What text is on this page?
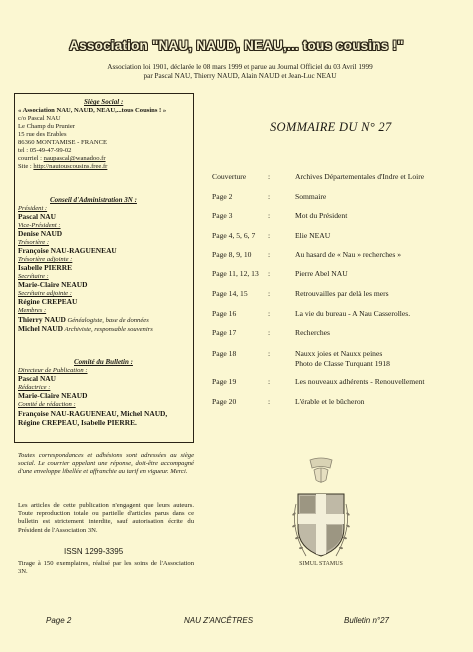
Association "NAU, NAUD, NEAU,... tous cousins !"
Association loi 1901, déclarée le 08 mars 1999 et parue au Journal Officiel du 03 Avril 1999
par Pascal NAU, Thierry NAUD, Alain NAUD et Jean-Luc NEAU
Siège Social :
« Association NAU, NAUD, NEAU,...tous Cousins ! »
c/o Pascal NAU
Le Champ du Prunier
15 rue des Erables
86360 MONTAMISE - FRANCE
tel : 05-49-47-99-02
courriel : naupascal@wanadoo.fr
Site : http://nautouscousins.free.fr
Conseil d'Administration 3N :
Président :
Pascal NAU
Vice-Président :
Denise NAUD
Trésorière :
Françoise NAU-RAGUENEAU
Trésorière adjointe :
Isabelle PIERRE
Secrétaire :
Marie-Claire NEAUD
Secrétaire adjointe :
Régine CREPEAU
Membres :
Thierry NAUD Généalogiste, base de données
Michel NAUD Archiviste, responsable souvenirs
Comité du Bulletin :
Directeur de Publication :
Pascal NAU
Rédactrice :
Marie-Claire NEAUD
Comité de rédaction :
Françoise NAU-RAGUENEAU, Michel NAUD,
Régine CREPEAU, Isabelle PIERRE.
Toutes correspondances et adhésions sont adressées au siège social. Le courrier appelant une réponse, doit-être accompagné d'une enveloppe libellée et affranchie au tarif en vigueur. Merci.
Les articles de cette publication n'engagent que leurs auteurs. Toute reproduction totale ou partielle d'articles parus dans ce bulletin est strictement interdite, sauf autorisation écrite du Président de l'Association 3N.
ISSN 1299-3395
Tirage à 150 exemplaires, réalisé par les soins de l'Association 3N.
SOMMAIRE DU N° 27
Couverture	:	Archives Départementales d'Indre et Loire
Page 2	:	Sommaire
Page 3	:	Mot du Président
Page 4, 5, 6, 7 :	Elie NEAU
Page 8, 9, 10 :	Au hasard de « Nau » recherches »
Page 11, 12, 13 :	Pierre Abel NAU
Page 14, 15	:	Retrouvailles par delà les mers
Page 16	:	La vie du bureau - A Nau Casserolles.
Page 17	:	Recherches
Page 18	:	Nauxx joies et Nauxx peines
Photo de Classe Turquant 1918
Page 19	:	Les nouveaux adhérents - Renouvellement
Page 20	:	L'érable et le bûcheron
SIMUL STAMUS
Page 2	NAU Z'ANCÊTRES	Bulletin n°27
